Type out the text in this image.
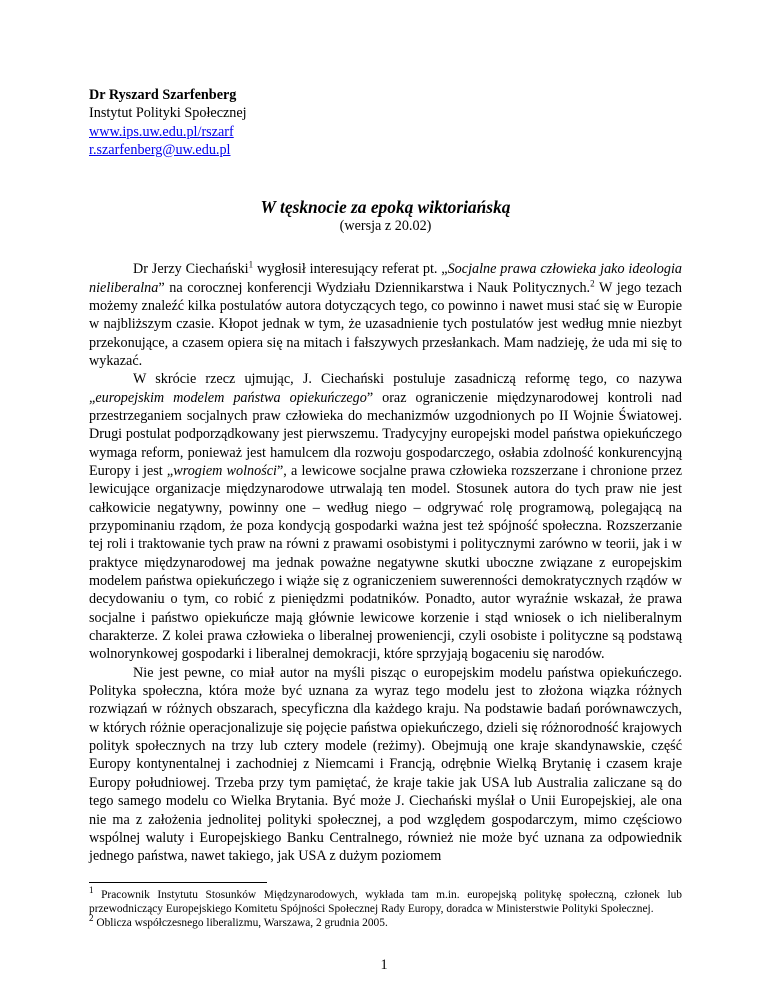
Dr Ryszard Szarfenberg
Instytut Polityki Społecznej
www.ips.uw.edu.pl/rszarf
r.szarfenberg@uw.edu.pl
W tęsknocie za epoką wiktoriańską
(wersja z 20.02)

Dr Jerzy Ciechański$^1$ wygłosił interesujący referat pt. „Socjalne prawa człowieka jako ideologia nieliberalna” na corocznej konferencji Wydziału Dziennikarstwa i Nauk Politycznych.$^2$ W jego tezach możemy znaleźć kilka postulatów autora dotyczących tego, co powinno i nawet musi stać się w Europie w najbliższym czasie. Kłopot jednak w tym, że uzasadnienie tych postulatów jest według mnie niezbyt przekonujące, a czasem opiera się na mitach i fałszywych przesłankach. Mam nadzieję, że uda mi się to wykazać.

W skrócie rzecz ujmując, J. Ciechański postuluje zasadniczą reformę tego, co nazywa „europejskim modelem państwa opiekuńczego” oraz ograniczenie międzynarodowej kontroli nad przestrzeganiem socjalnych praw człowieka do mechanizmów uzgodnionych po II Wojnie Światowej. Drugi postulat podporządkowany jest pierwszemu. Tradycyjny europejski model państwa opiekuńczego wymaga reform, ponieważ jest hamulcem dla rozwoju gospodarczego, osłabia zdolność konkurencyjną Europy i jest „wrogiem wolności”, a lewicowe socjalne prawa człowieka rozszerzane i chronione przez lewicujące organizacje międzynarodowe utrwalają ten model. Stosunek autora do tych praw nie jest całkowicie negatywny, powinny one – według niego – odgrywać rolę programową, polegającą na przypominaniu rządom, że poza kondycją gospodarki ważna jest też spójność społeczna. Rozszerzanie tej roli i traktowanie tych praw na równi z prawami osobistymi i politycznymi zarówno w teorii, jak i w praktyce międzynarodowej ma jednak poważne negatywne skutki uboczne związane z europejskim modelem państwa opiekuńczego i wiąże się z ograniczeniem suwerenności demokratycznych rządów w decydowaniu o tym, co robić z pieniędzmi podatników. Ponadto, autor wyraźnie wskazał, że prawa socjalne i państwo opiekuńcze mają głównie lewicowe korzenie i stąd wniosek o ich nieliberalnym charakterze. Z kolei prawa człowieka o liberalnej proweniencji, czyli osobiste i polityczne są podstawą wolnorynkowej gospodarki i liberalnej demokracji, które sprzyjają bogaceniu się narodów.

Nie jest pewne, co miał autor na myśli pisząc o europejskim modelu państwa opiekuńczego. Polityka społeczna, która może być uznana za wyraz tego modelu jest to złożona wiązka różnych rozwiązań w różnych obszarach, specyficzna dla każdego kraju. Na podstawie badań porównawczych, w których różnie operacjonalizuje się pojęcie państwa opiekuńczego, dzieli się różnorodność krajowych polityk społecznych na trzy lub cztery modele (reżimy). Obejmują one kraje skandynawskie, część Europy kontynentalnej i zachodniej z Niemcami i Francją, odrębnie Wielką Brytanię i czasem kraje Europy południowej. Trzeba przy tym pamiętać, że kraje takie jak USA lub Australia zaliczane są do tego samego modelu co Wielka Brytania. Być może J. Ciechański myślał o Unii Europejskiej, ale ona nie ma z założenia jednolitej polityki społecznej, a pod względem gospodarczym, mimo częściowo wspólnej waluty i Europejskiego Banku Centralnego, również nie może być uznana za odpowiednik jednego państwa, nawet takiego, jak USA z dużym poziomem

$^1$ Pracownik Instytutu Stosunków Międzynarodowych, wykłada tam m.in. europejską politykę społeczną, członek lub przewodniczący Europejskiego Komitetu Spójności Społecznej Rady Europy, doradca w Ministerstwie Polityki Społecznej.

$^2$ Oblicza współczesnego liberalizmu, Warszawa, 2 grudnia 2005.

1
